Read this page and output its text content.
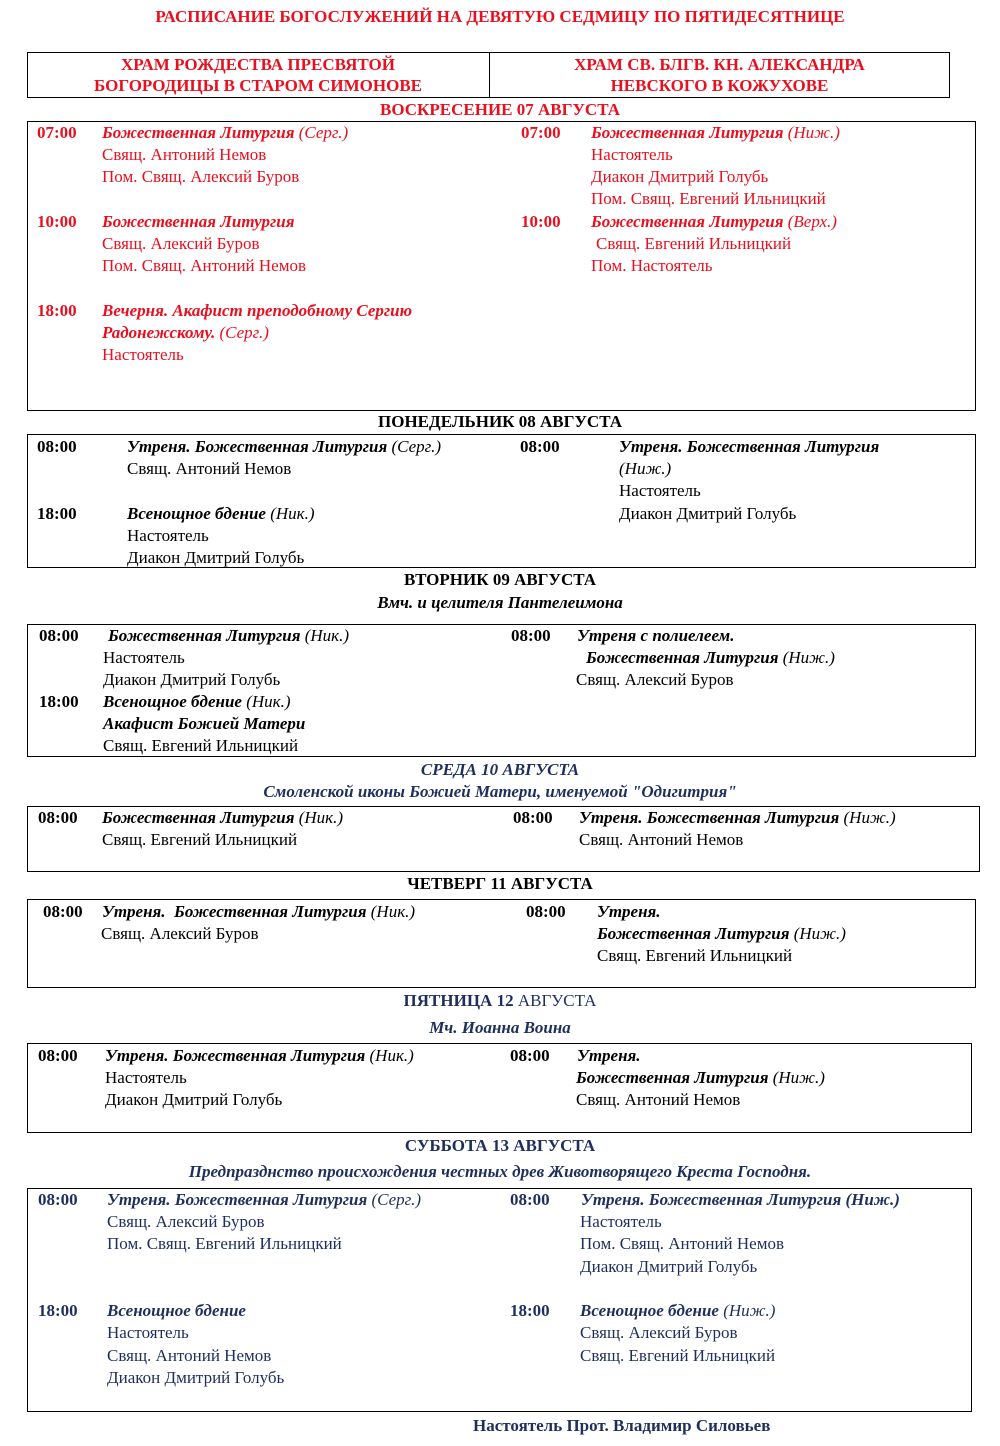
РАСПИСАНИЕ БОГОСЛУЖЕНИЙ НА ДЕВЯТУЮ СЕДМИЦУ ПО ПЯТИДЕСЯТНИЦЕ
ХРАМ РОЖДЕСТВА ПРЕСВЯТОЙ
БОГОРОДИЦЫ В СТАРОМ СИМОНОВЕ
ХРАМ СВ. БЛГВ. КН. АЛЕКСАНДРА
НЕВСКОГО В КОЖУХОВЕ
ВОСКРЕСЕНИЕ 07 АВГУСТА
07:00 Божественная Литургия (Серг.)
Свящ. Антоний Немов
Пом. Свящ. Алексий Буров
10:00 Божественная Литургия
Свящ. Алексий Буров
Пом. Свящ. Антоний Немов
18:00 Вечерня. Акафист преподобному Сергию
Радонежскому. (Серг.)
Настоятель
07:00 Божественная Литургия (Ниж.)
Настоятель
Диакон Дмитрий Голубь
Пом. Свящ. Евгений Ильницкий
10:00 Божественная Литургия (Верх.)
Свящ. Евгений Ильницкий
Пом. Настоятель
ПОНЕДЕЛЬНИК 08 АВГУСТА
08:00	Утреня. Божественная Литургия (Серг.)
Свящ. Антоний Немов
18:00	Всенощное бдение (Ник.)
Настоятель
Диакон Дмитрий Голубь
08:00	Утреня. Божественная Литургия
(Ниж.)
Настоятель
Диакон Дмитрий Голубь
ВТОРНИК 09 АВГУСТА
Вмч. и целителя Пантелеимона
08:00 Божественная Литургия (Ник.)
Настоятель
Диакон Дмитрий Голубь
18:00 Всенощное бдение (Ник.)
Акафист Божией Матери
Свящ. Евгений Ильницкий
08:00 Утреня с полиелеем.
Божественная Литургия (Ниж.)
Свящ. Алексий Буров
СРЕДА 10 АВГУСТА
Смоленской иконы Божией Матери, именуемой "Одигитрия"
08:00 Божественная Литургия (Ник.)
Свящ. Евгений Ильницкий
08:00 Утреня. Божественная Литургия (Ниж.)
Свящ. Антоний Немов
ЧЕТВЕРГ 11 АВГУСТА
08:00 Утреня.  Божественная Литургия (Ник.)
Свящ. Алексий Буров
08:00 Утреня.
Божественная Литургия (Ниж.)
Свящ. Евгений Ильницкий
ПЯТНИЦА 12 АВГУСТА
Мч. Иоанна Воина
08:00 Утреня. Божественная Литургия (Ник.)
Настоятель
Диакон Дмитрий Голубь
08:00 Утреня.
Божественная Литургия (Ниж.)
Свящ. Антоний Немов
СУББОТА 13 АВГУСТА
Предпразднство происхождения честных древ Животворящего Креста Господня.
08:00 Утреня. Божественная Литургия (Серг.)
Свящ. Алексий Буров
Пом. Свящ. Евгений Ильницкий
18:00 Всенощное бдение
Настоятель
Свящ. Антоний Немов
Диакон Дмитрий Голубь
08:00 Утреня. Божественная Литургия (Ниж.)
Настоятель
Пом. Свящ. Антоний Немов
Диакон Дмитрий Голубь
18:00 Всенощное бдение (Ниж.)
Свящ. Алексий Буров
Свящ. Евгений Ильницкий
Настоятель Прот. Владимир Силовьев
